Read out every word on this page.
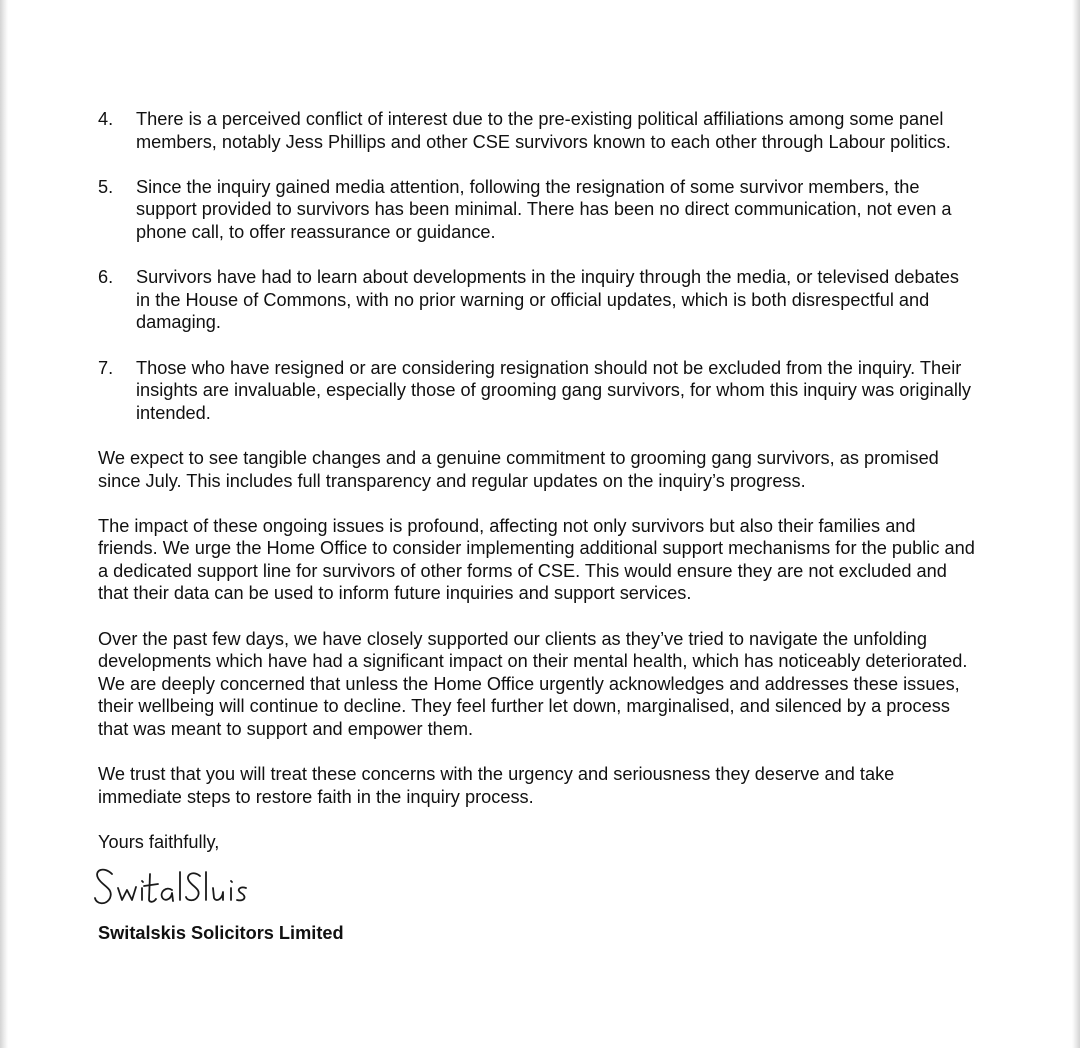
4.	There is a perceived conflict of interest due to the pre-existing political affiliations among some panel members, notably Jess Phillips and other CSE survivors known to each other through Labour politics.
5.	Since the inquiry gained media attention, following the resignation of some survivor members, the support provided to survivors has been minimal. There has been no direct communication, not even a phone call, to offer reassurance or guidance.
6.	Survivors have had to learn about developments in the inquiry through the media, or televised debates in the House of Commons, with no prior warning or official updates, which is both disrespectful and damaging.
7.	Those who have resigned or are considering resignation should not be excluded from the inquiry. Their insights are invaluable, especially those of grooming gang survivors, for whom this inquiry was originally intended.

We expect to see tangible changes and a genuine commitment to grooming gang survivors, as promised since July. This includes full transparency and regular updates on the inquiry’s progress.

The impact of these ongoing issues is profound, affecting not only survivors but also their families and friends. We urge the Home Office to consider implementing additional support mechanisms for the public and a dedicated support line for survivors of other forms of CSE. This would ensure they are not excluded and that their data can be used to inform future inquiries and support services.

Over the past few days, we have closely supported our clients as they’ve tried to navigate the unfolding developments which have had a significant impact on their mental health, which has noticeably deteriorated. We are deeply concerned that unless the Home Office urgently acknowledges and addresses these issues, their wellbeing will continue to decline. They feel further let down, marginalised, and silenced by a process that was meant to support and empower them.

We trust that you will treat these concerns with the urgency and seriousness they deserve and take immediate steps to restore faith in the inquiry process.

Yours faithfully,

Switalskis Solicitors Limited
